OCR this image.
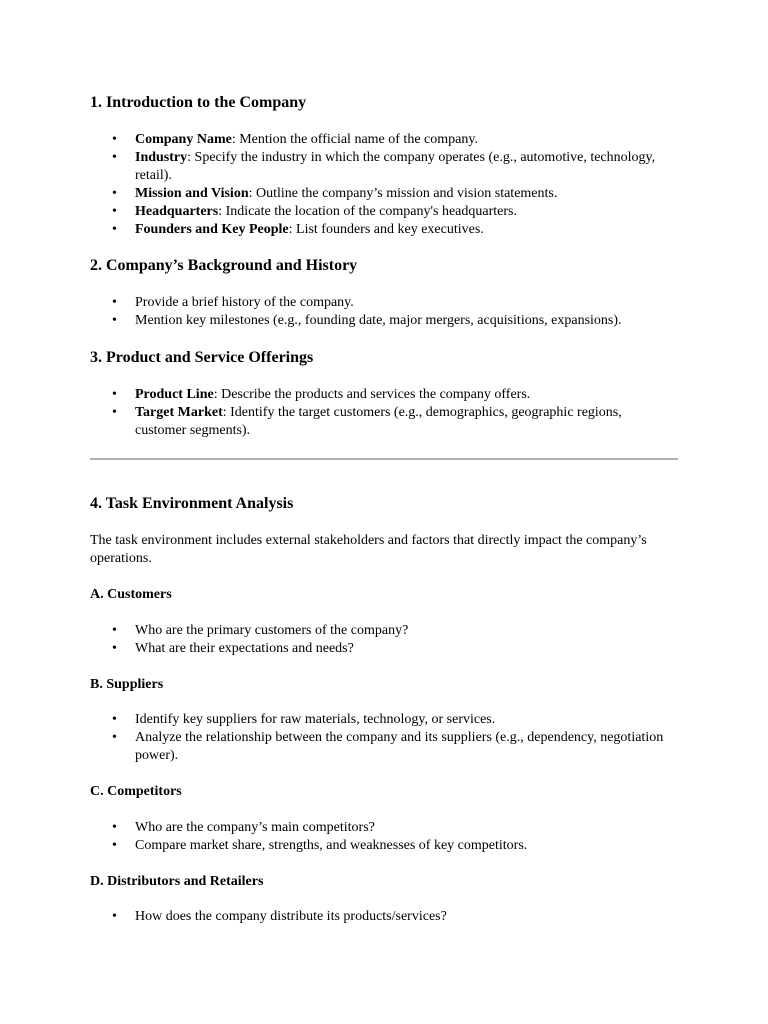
1. Introduction to the Company
• Company Name: Mention the official name of the company.
• Industry: Specify the industry in which the company operates (e.g., automotive, technology, retail).
• Mission and Vision: Outline the company’s mission and vision statements.
• Headquarters: Indicate the location of the company's headquarters.
• Founders and Key People: List founders and key executives.
2. Company’s Background and History
• Provide a brief history of the company.
• Mention key milestones (e.g., founding date, major mergers, acquisitions, expansions).
3. Product and Service Offerings
• Product Line: Describe the products and services the company offers.
• Target Market: Identify the target customers (e.g., demographics, geographic regions, customer segments).
4. Task Environment Analysis

The task environment includes external stakeholders and factors that directly impact the company’s operations.

A. Customers
• Who are the primary customers of the company?
• What are their expectations and needs?
B. Suppliers
• Identify key suppliers for raw materials, technology, or services.
• Analyze the relationship between the company and its suppliers (e.g., dependency, negotiation power).
C. Competitors
• Who are the company’s main competitors?
• Compare market share, strengths, and weaknesses of key competitors.
D. Distributors and Retailers
• How does the company distribute its products/services?
